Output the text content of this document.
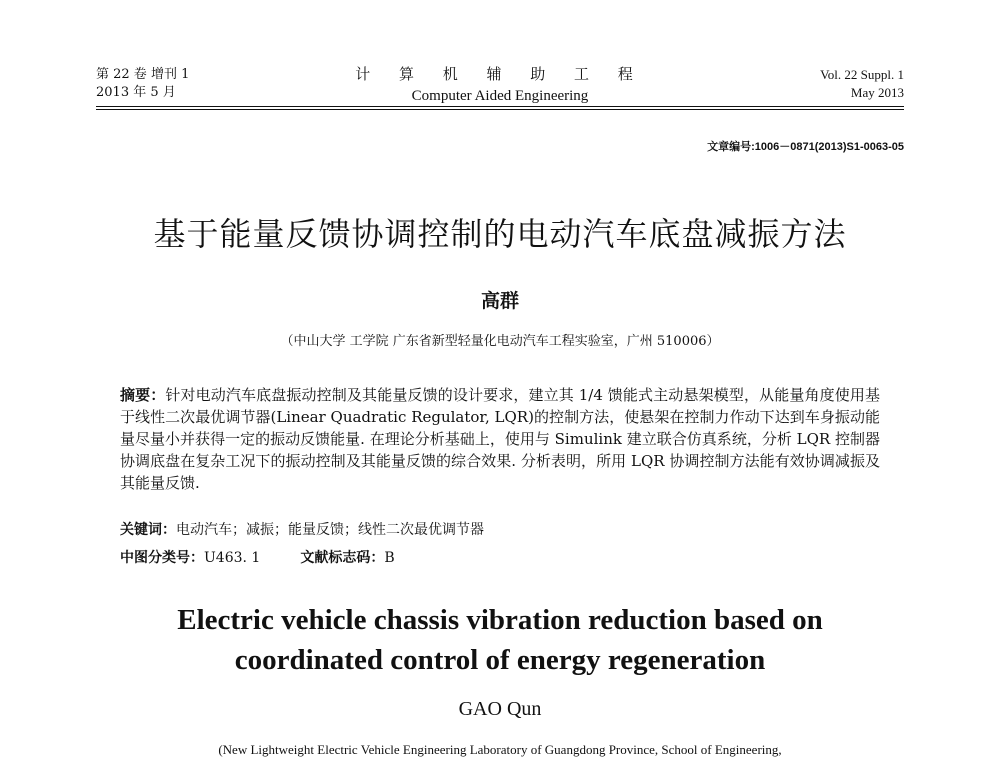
第 22 卷 增刊 1
2013 年 5 月
计 算 机 辅 助 工 程
Computer Aided Engineering
Vol. 22 Suppl. 1
May 2013
文章编号:1006－0871(2013)S1-0063-05
基于能量反馈协调控制的电动汽车底盘减振方法
高群
（中山大学 工学院 广东省新型轻量化电动汽车工程实验室，广州 510006）
摘要：针对电动汽车底盘振动控制及其能量反馈的设计要求，建立其 1/4 馈能式主动悬架模型，从能量角度使用基于线性二次最优调节器(Linear Quadratic Regulator, LQR)的控制方法，使悬架在控制力作动下达到车身振动能量尽量小并获得一定的振动反馈能量. 在理论分析基础上，使用与 Simulink 建立联合仿真系统，分析 LQR 控制器协调底盘在复杂工况下的振动控制及其能量反馈的综合效果. 分析表明，所用 LQR 协调控制方法能有效协调减振及其能量反馈.
关键词：电动汽车；减振；能量反馈；线性二次最优调节器
中图分类号：U463. 1	文献标志码：B
Electric vehicle chassis vibration reduction based on
coordinated control of energy regeneration
GAO Qun
(New Lightweight Electric Vehicle Engineering Laboratory of Guangdong Province, School of Engineering,
